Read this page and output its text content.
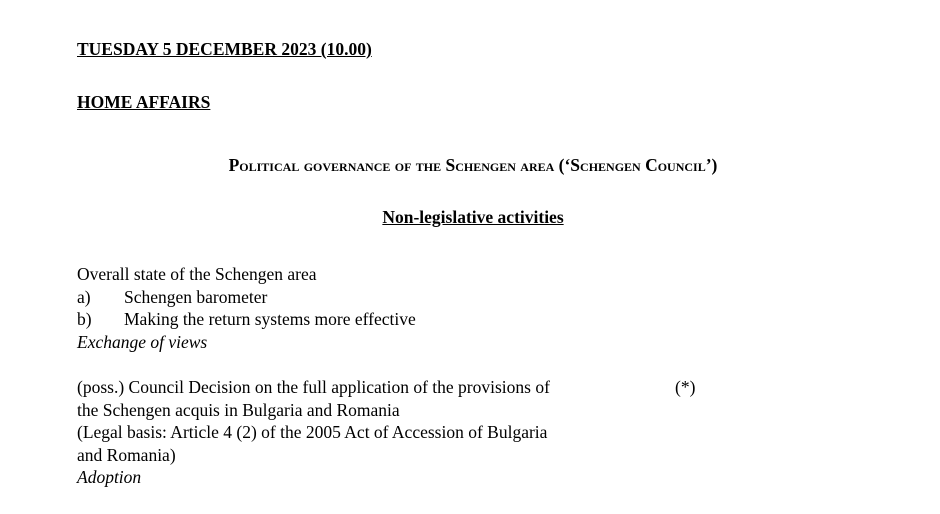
TUESDAY 5 DECEMBER 2023 (10.00)
HOME AFFAIRS
Political governance of the Schengen area (‘Schengen Council’)
Non-legislative activities
Overall state of the Schengen area
a)	Schengen barometer
b)	Making the return systems more effective
Exchange of views
(poss.) Council Decision on the full application of the provisions of
the Schengen acquis in Bulgaria and Romania
(Legal basis: Article 4 (2) of the 2005 Act of Accession of Bulgaria
and Romania)
Adoption
(*)
